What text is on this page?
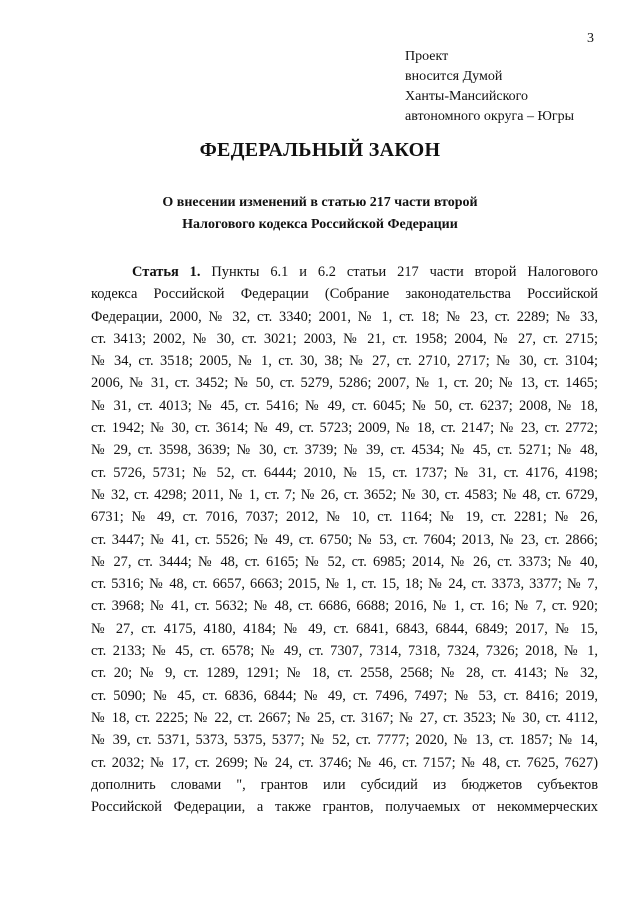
3
Проект
вносится Думой
Ханты-Мансийского
автономного округа – Югры
ФЕДЕРАЛЬНЫЙ ЗАКОН
О внесении изменений в статью 217 части второй
Налогового кодекса Российской Федерации
Статья 1. Пункты 6.1 и 6.2 статьи 217 части второй Налогового
кодекса Российской Федерации (Собрание законодательства Российской
Федерации, 2000, № 32, ст. 3340; 2001, № 1, ст. 18; № 23, ст. 2289; № 33,
ст. 3413; 2002, № 30, ст. 3021; 2003, № 21, ст. 1958; 2004, № 27, ст. 2715;
№ 34, ст. 3518; 2005, № 1, ст. 30, 38; № 27, ст. 2710, 2717; № 30, ст. 3104;
2006, № 31, ст. 3452; № 50, ст. 5279, 5286; 2007, № 1, ст. 20; № 13, ст. 1465;
№ 31, ст. 4013; № 45, ст. 5416; № 49, ст. 6045; № 50, ст. 6237; 2008, № 18,
ст. 1942; № 30, ст. 3614; № 49, ст. 5723; 2009, № 18, ст. 2147; № 23, ст. 2772;
№ 29, ст. 3598, 3639; № 30, ст. 3739; № 39, ст. 4534; № 45, ст. 5271; № 48,
ст. 5726, 5731; № 52, ст. 6444; 2010, № 15, ст. 1737; № 31, ст. 4176, 4198;
№ 32, ст. 4298; 2011, № 1, ст. 7; № 26, ст. 3652; № 30, ст. 4583; № 48, ст. 6729,
6731; № 49, ст. 7016, 7037; 2012, № 10, ст. 1164; № 19, ст. 2281; № 26,
ст. 3447; № 41, ст. 5526; № 49, ст. 6750; № 53, ст. 7604; 2013, № 23, ст. 2866;
№ 27, ст. 3444; № 48, ст. 6165; № 52, ст. 6985; 2014, № 26, ст. 3373; № 40,
ст. 5316; № 48, ст. 6657, 6663; 2015, № 1, ст. 15, 18; № 24, ст. 3373, 3377; № 7,
ст. 3968; № 41, ст. 5632; № 48, ст. 6686, 6688; 2016, № 1, ст. 16; № 7, ст. 920;
№ 27, ст. 4175, 4180, 4184; № 49, ст. 6841, 6843, 6844, 6849; 2017, № 15,
ст. 2133; № 45, ст. 6578; № 49, ст. 7307, 7314, 7318, 7324, 7326; 2018, № 1,
ст. 20; № 9, ст. 1289, 1291; № 18, ст. 2558, 2568; № 28, ст. 4143; № 32,
ст. 5090; № 45, ст. 6836, 6844; № 49, ст. 7496, 7497; № 53, ст. 8416; 2019,
№ 18, ст. 2225; № 22, ст. 2667; № 25, ст. 3167; № 27, ст. 3523; № 30, ст. 4112,
№ 39, ст. 5371, 5373, 5375, 5377; № 52, ст. 7777; 2020, № 13, ст. 1857; № 14,
ст. 2032; № 17, ст. 2699; № 24, ст. 3746; № 46, ст. 7157; № 48, ст. 7625, 7627)
дополнить словами ", грантов или субсидий из бюджетов субъектов
Российской Федерации, а также грантов, получаемых от некоммерческих
